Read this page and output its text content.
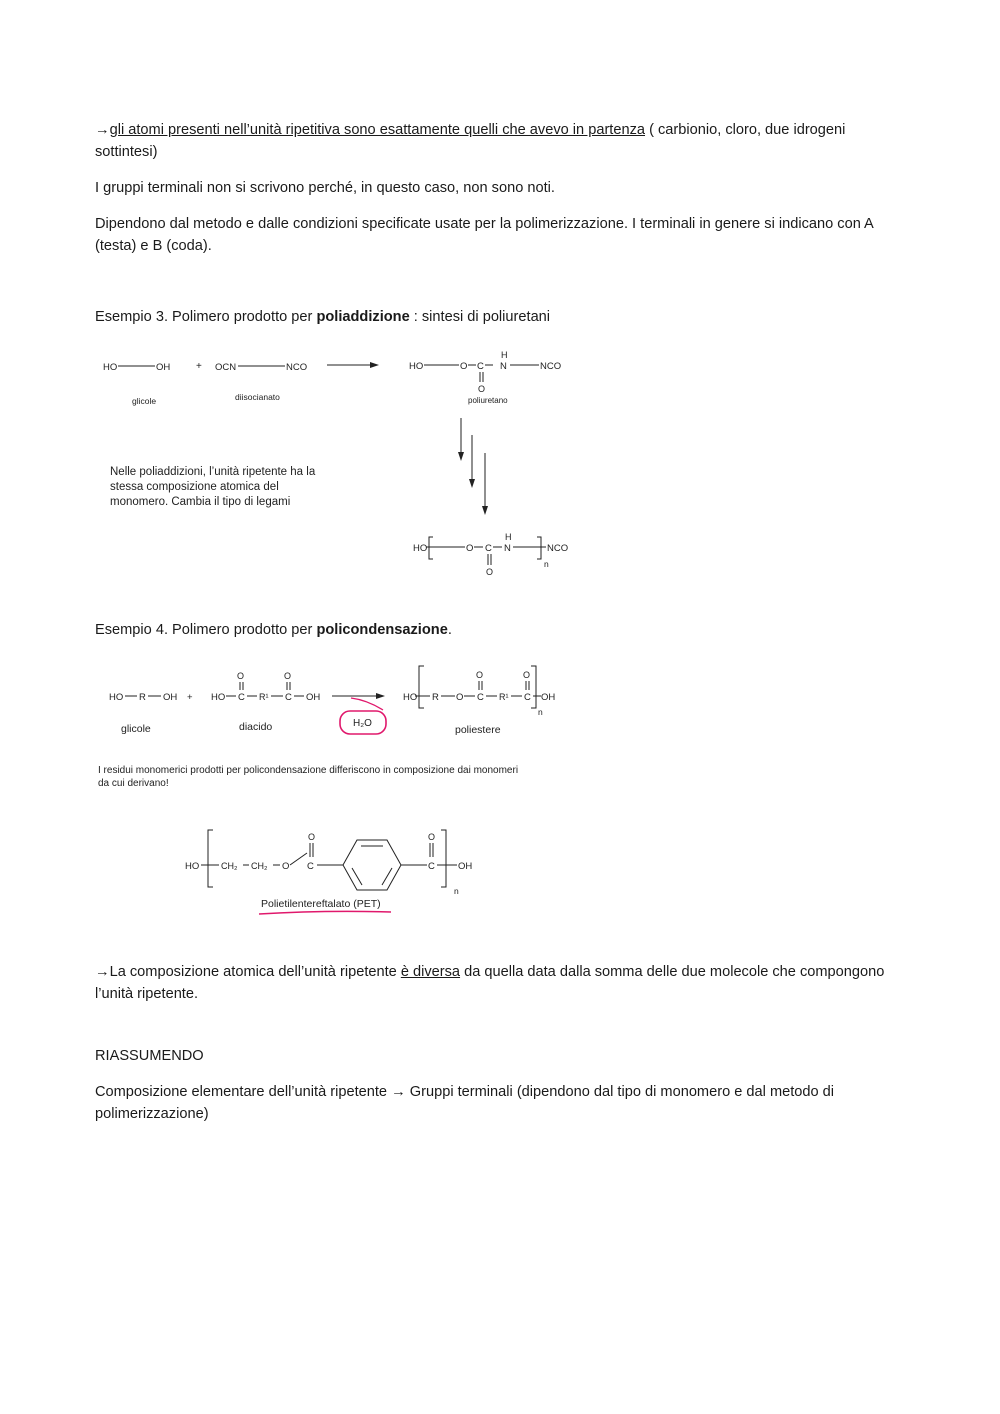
→gli atomi presenti nell’unità ripetitiva sono esattamente quelli che avevo in partenza ( carbionio, cloro, due idrogeni sottintesi)
I gruppi terminali non si scrivono perché, in questo caso, non sono noti.
Dipendono dal metodo e dalle condizioni specificate usate per la polimerizzazione. I terminali in genere si indicano con A (testa) e B (coda).
Esempio 3. Polimero prodotto per poliaddizione : sintesi di poliuretani
HO	OH
glicole
+ OCN	NCO
diisocianato
HO	O C
H
N	NCO
O
poliuretano
Nelle poliaddizioni, l’unità ripetente ha la
stessa composizione atomica del
monomero. Cambia il tipo di legami
HO	O C
H
N	NCO
n
O
Esempio 4. Polimero prodotto per policondensazione.
HO R OH +
glicole
HO C
O
R¹ C
O
OH
diacido	H₂O
HO R O C
O
R¹ C
O
OH
n
poliestere
I residui monomerici prodotti per policondensazione differiscono in composizione dai monomeri
da cui derivano!
HO CH₂ CH₂ O C
O
C
O
OH
n
Polietilentereftalato (PET)
→La composizione atomica dell’unità ripetente è diversa da quella data dalla somma delle due molecole che compongono l’unità ripetente.
RIASSUMENDO
Composizione elementare dell’unità ripetente → Gruppi terminali (dipendono dal tipo di monomero e dal metodo di polimerizzazione)
